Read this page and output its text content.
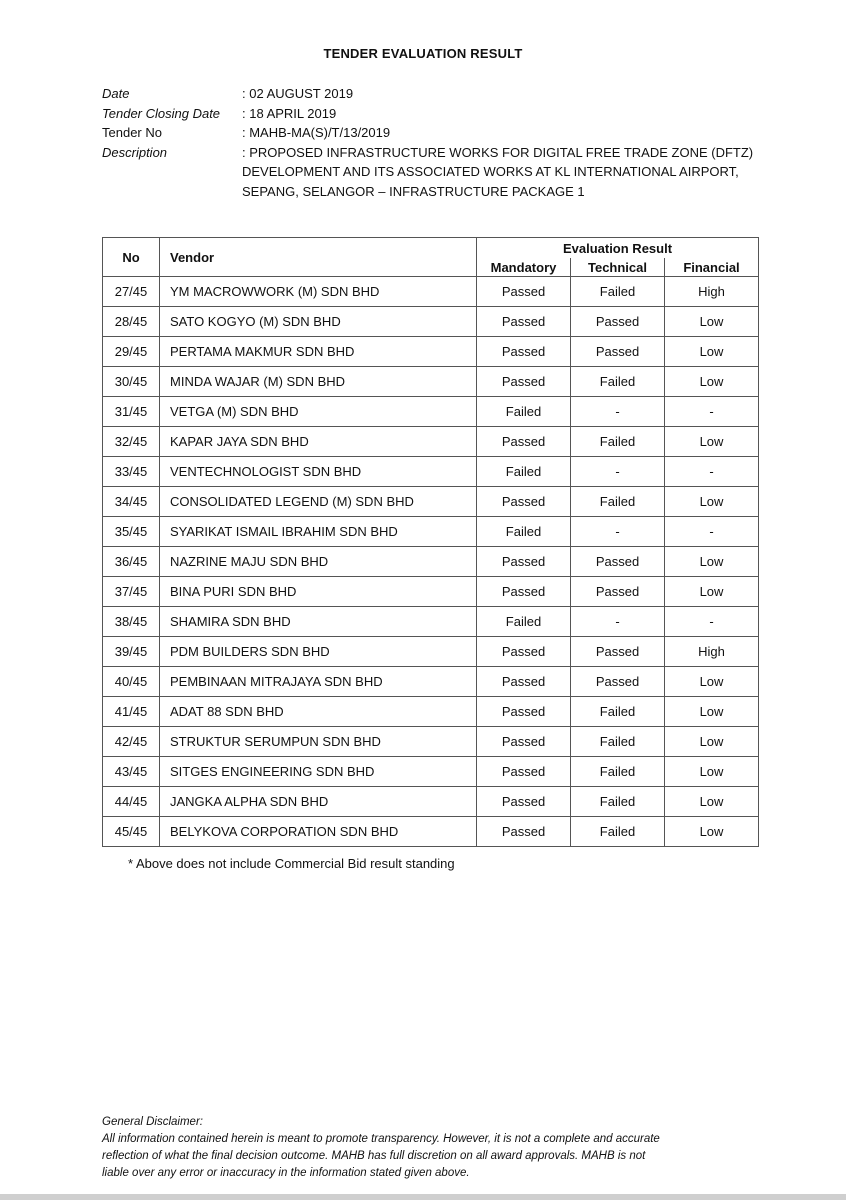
TENDER EVALUATION RESULT
Date	: 02 AUGUST 2019
Tender Closing Date	: 18 APRIL 2019
Tender No	: MAHB-MA(S)/T/13/2019
Description	: PROPOSED INFRASTRUCTURE WORKS FOR DIGITAL FREE TRADE ZONE (DFTZ)
DEVELOPMENT AND ITS ASSOCIATED WORKS AT KL INTERNATIONAL AIRPORT,
SEPANG, SELANGOR – INFRASTRUCTURE PACKAGE 1
No	Vendor	Evaluation Result		
		Mandatory	Technical	Financial
27/45	YM MACROWWORK (M) SDN BHD	Passed	Failed	High
28/45	SATO KOGYO (M) SDN BHD	Passed	Passed	Low
29/45	PERTAMA MAKMUR SDN BHD	Passed	Passed	Low
30/45	MINDA WAJAR (M) SDN BHD	Passed	Failed	Low
31/45	VETGA (M) SDN BHD	Failed	-	-
32/45	KAPAR JAYA SDN BHD	Passed	Failed	Low
33/45	VENTECHNOLOGIST SDN BHD	Failed	-	-
34/45	CONSOLIDATED LEGEND (M) SDN BHD	Passed	Failed	Low
35/45	SYARIKAT ISMAIL IBRAHIM SDN BHD	Failed	-	-
36/45	NAZRINE MAJU SDN BHD	Passed	Passed	Low
37/45	BINA PURI SDN BHD	Passed	Passed	Low
38/45	SHAMIRA SDN BHD	Failed	-	-
39/45	PDM BUILDERS SDN BHD	Passed	Passed	High
40/45	PEMBINAAN MITRAJAYA SDN BHD	Passed	Passed	Low
41/45	ADAT 88 SDN BHD	Passed	Failed	Low
42/45	STRUKTUR SERUMPUN SDN BHD	Passed	Failed	Low
43/45	SITGES ENGINEERING SDN BHD	Passed	Failed	Low
44/45	JANGKA ALPHA SDN BHD	Passed	Failed	Low
45/45	BELYKOVA CORPORATION SDN BHD	Passed	Failed	Low
* Above does not include Commercial Bid result standing
General Disclaimer:
All information contained herein is meant to promote transparency. However, it is not a complete and accurate
reflection of what the final decision outcome. MAHB has full discretion on all award approvals. MAHB is not
liable over any error or inaccuracy in the information stated given above.
